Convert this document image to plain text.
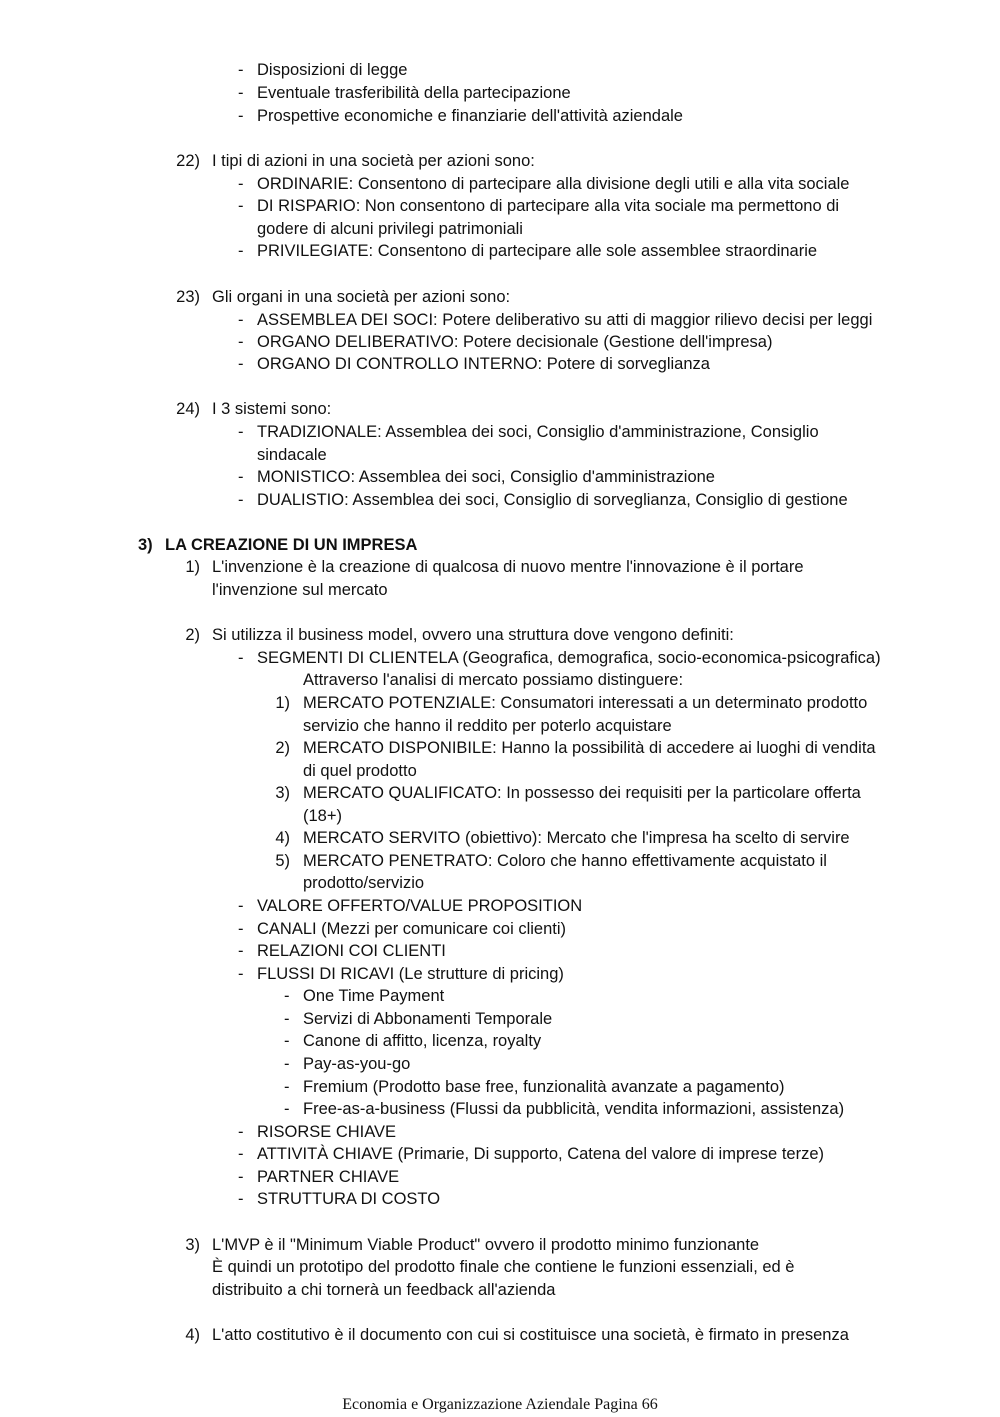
- Disposizioni di legge
- Eventuale trasferibilità della partecipazione
- Prospettive economiche e finanziarie dell'attività aziendale
22) I tipi di azioni in una società per azioni sono:
- ORDINARIE: Consentono di partecipare alla divisione degli utili e alla vita sociale
- DI RISPARIO: Non consentono di partecipare alla vita sociale ma permettono di
godere di alcuni privilegi patrimoniali
- PRIVILEGIATE: Consentono di partecipare alle sole assemblee straordinarie
23) Gli organi in una società per azioni sono:
- ASSEMBLEA DEI SOCI: Potere deliberativo su atti di maggior rilievo decisi per leggi
- ORGANO DELIBERATIVO: Potere decisionale (Gestione dell'impresa)
- ORGANO DI CONTROLLO INTERNO: Potere di sorveglianza
24) I 3 sistemi sono:
- TRADIZIONALE: Assemblea dei soci, Consiglio d'amministrazione, Consiglio
sindacale
- MONISTICO: Assemblea dei soci, Consiglio d'amministrazione
- DUALISTIO: Assemblea dei soci, Consiglio di sorveglianza, Consiglio di gestione
3) LA CREAZIONE DI UN IMPRESA
1) L'invenzione è la creazione di qualcosa di nuovo mentre l'innovazione è il portare
l'invenzione sul mercato
2) Si utilizza il business model, ovvero una struttura dove vengono definiti:
- SEGMENTI DI CLIENTELA (Geografica, demografica, socio-economica-psicografica)
Attraverso l'analisi di mercato possiamo distinguere:
1) MERCATO POTENZIALE: Consumatori interessati a un determinato prodotto
servizio che hanno il reddito per poterlo acquistare
2) MERCATO DISPONIBILE: Hanno la possibilità di accedere ai luoghi di vendita
di quel prodotto
3) MERCATO QUALIFICATO: In possesso dei requisiti per la particolare offerta
(18+)
4) MERCATO SERVITO (obiettivo): Mercato che l'impresa ha scelto di servire
5) MERCATO PENETRATO: Coloro che hanno effettivamente acquistato il
prodotto/servizio
- VALORE OFFERTO/VALUE PROPOSITION
- CANALI (Mezzi per comunicare coi clienti)
- RELAZIONI COI CLIENTI
- FLUSSI DI RICAVI (Le strutture di pricing)
- One Time Payment
- Servizi di Abbonamenti Temporale
- Canone di affitto, licenza, royalty
- Pay-as-you-go
- Fremium (Prodotto base free, funzionalità avanzate a pagamento)
- Free-as-a-business (Flussi da pubblicità, vendita informazioni, assistenza)
- RISORSE CHIAVE
- ATTIVITÀ CHIAVE (Primarie, Di supporto, Catena del valore di imprese terze)
- PARTNER CHIAVE
- STRUTTURA DI COSTO
3) L'MVP è il "Minimum Viable Product" ovvero il prodotto minimo funzionante
È quindi un prototipo del prodotto finale che contiene le funzioni essenziali, ed è
distribuito a chi tornerà un feedback all'azienda
4) L'atto costitutivo è il documento con cui si costituisce una società, è firmato in presenza
Economia e Organizzazione Aziendale Pagina 66
